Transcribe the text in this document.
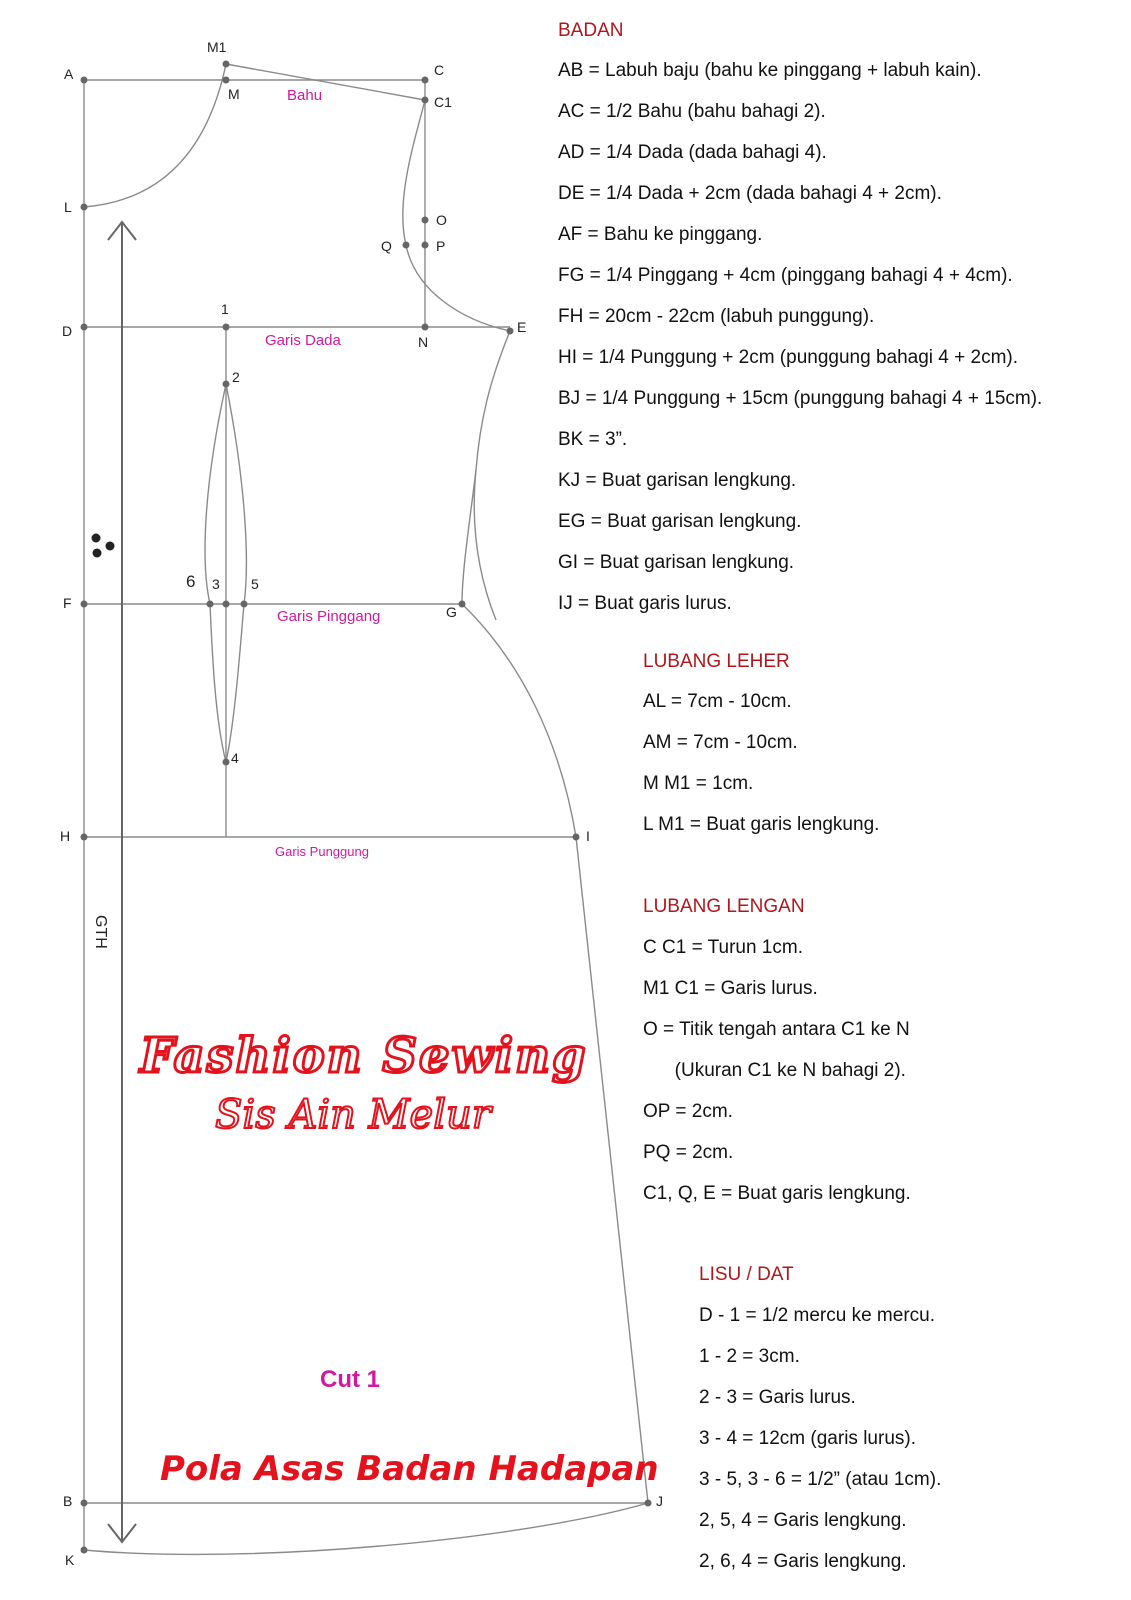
GTH
A
M1
M
C
C1
L
O
Q	P
1
D
N
E
2
6 3 5
F
G
4
H	I
B	J
K
Bahu
Garis Dada
Garis Pinggang
Garis Punggung
Fashion Sewing
Sis Ain Melur
Cut 1
Pola Asas Badan Hadapan
BADAN
AB = Labuh baju (bahu ke pinggang + labuh kain).
AC = 1/2 Bahu (bahu bahagi 2).
AD = 1/4 Dada (dada bahagi 4).
DE = 1/4 Dada + 2cm (dada bahagi 4 + 2cm).
AF = Bahu ke pinggang.
FG = 1/4 Pinggang + 4cm (pinggang bahagi 4 + 4cm).
FH = 20cm - 22cm (labuh punggung).
HI = 1/4 Punggung + 2cm (punggung bahagi 4 + 2cm).
BJ = 1/4 Punggung + 15cm (punggung bahagi 4 + 15cm).
BK = 3”.
KJ = Buat garisan lengkung.
EG = Buat garisan lengkung.
GI = Buat garisan lengkung.
IJ = Buat garis lurus.
LUBANG LEHER
AL = 7cm - 10cm.
AM = 7cm - 10cm.
M M1 = 1cm.
L M1 = Buat garis lengkung.
LUBANG LENGAN
C C1 = Turun 1cm.
M1 C1 = Garis lurus.
O = Titik tengah antara C1 ke N
(Ukuran C1 ke N bahagi 2).
OP = 2cm.
PQ = 2cm.
C1, Q, E = Buat garis lengkung.
LISU / DAT
D - 1 = 1/2 mercu ke mercu.
1 - 2 = 3cm.
2 - 3 = Garis lurus.
3 - 4 = 12cm (garis lurus).
3 - 5, 3 - 6 = 1/2” (atau 1cm).
2, 5, 4 = Garis lengkung.
2, 6, 4 = Garis lengkung.
